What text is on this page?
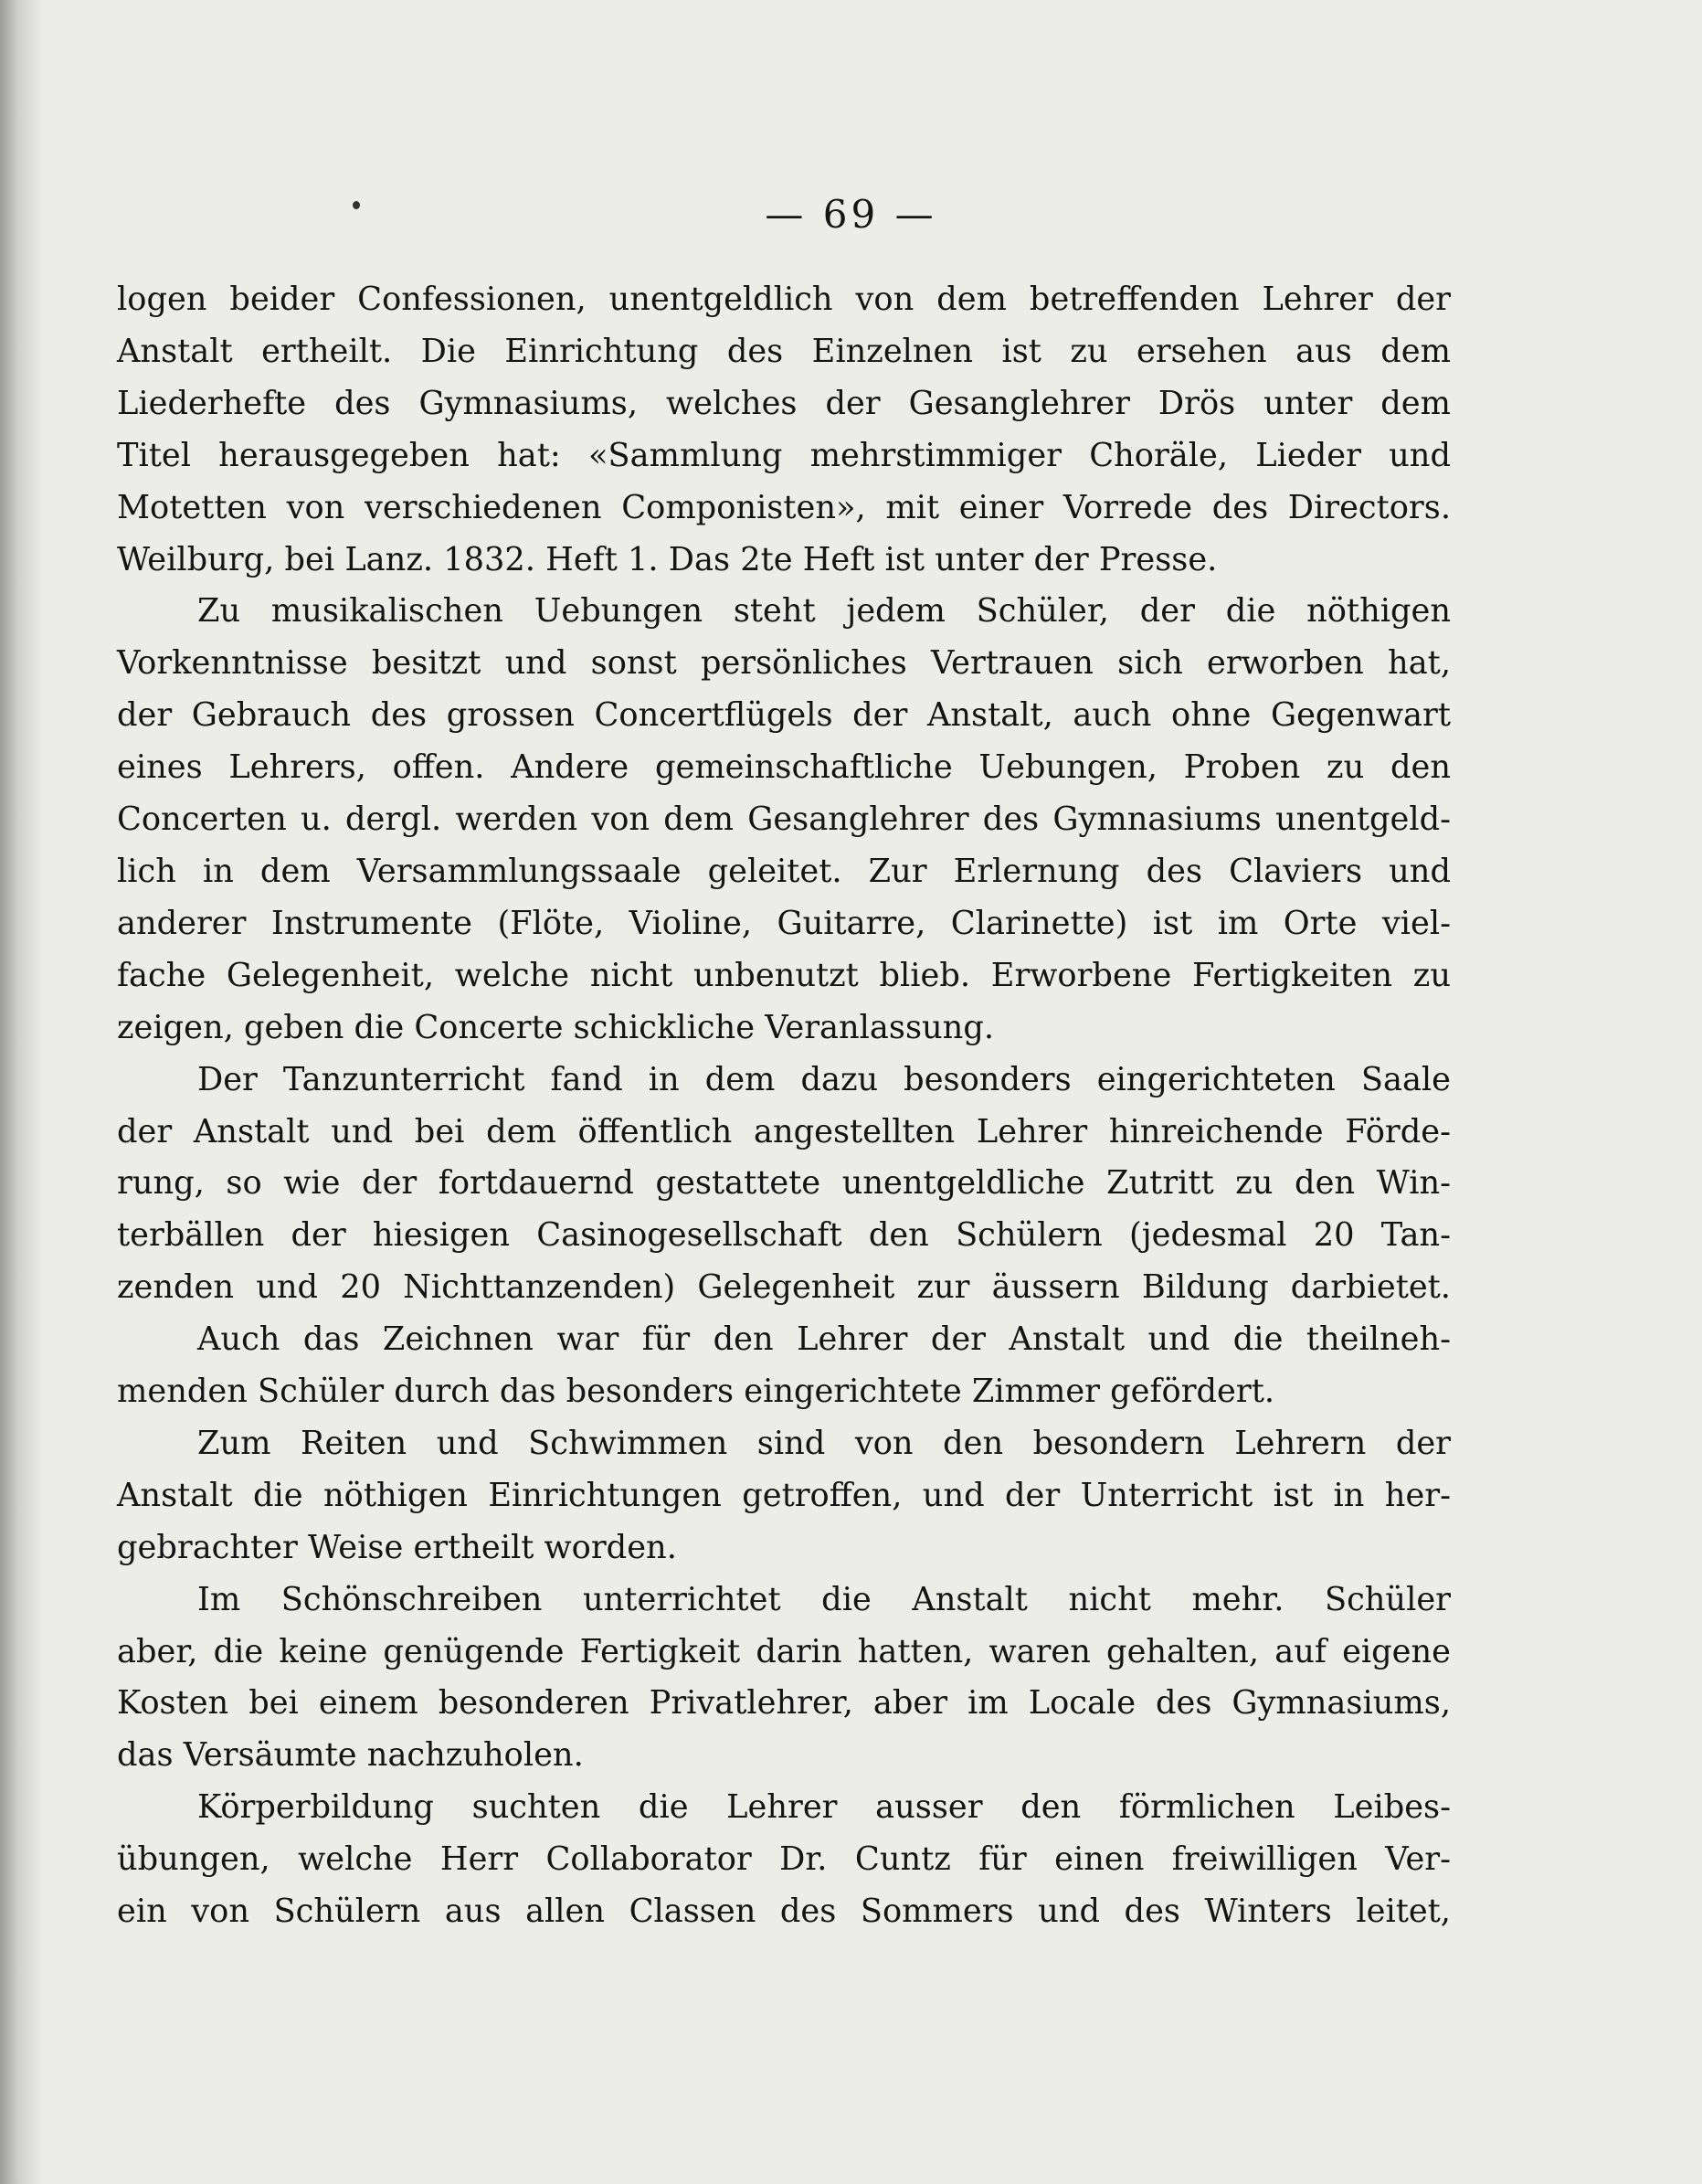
— 69 —

logen beider Confessionen, unentgeldlich von dem betreffenden Lehrer der

Anstalt ertheilt. Die Einrichtung des Einzelnen ist zu ersehen aus dem

Liederhefte des Gymnasiums, welches der Gesanglehrer Drös unter dem

Titel herausgegeben hat: «Sammlung mehrstimmiger Choräle, Lieder und

Motetten von verschiedenen Componisten», mit einer Vorrede des Directors.

Weilburg, bei Lanz. 1832. Heft 1. Das 2te Heft ist unter der Presse.

Zu musikalischen Uebungen steht jedem Schüler, der die nöthigen

Vorkenntnisse besitzt und sonst persönliches Vertrauen sich erworben hat,

der Gebrauch des grossen Concertflügels der Anstalt, auch ohne Gegenwart

eines Lehrers, offen. Andere gemeinschaftliche Uebungen, Proben zu den

Concerten u. dergl. werden von dem Gesanglehrer des Gymnasiums unentgeld-

lich in dem Versammlungssaale geleitet. Zur Erlernung des Claviers und

anderer Instrumente (Flöte, Violine, Guitarre, Clarinette) ist im Orte viel-

fache Gelegenheit, welche nicht unbenutzt blieb. Erworbene Fertigkeiten zu

zeigen, geben die Concerte schickliche Veranlassung.

Der Tanzunterricht fand in dem dazu besonders eingerichteten Saale

der Anstalt und bei dem öffentlich angestellten Lehrer hinreichende Förde-

rung, so wie der fortdauernd gestattete unentgeldliche Zutritt zu den Win-

terbällen der hiesigen Casinogesellschaft den Schülern (jedesmal 20 Tan-

zenden und 20 Nichttanzenden) Gelegenheit zur äussern Bildung darbietet.

Auch das Zeichnen war für den Lehrer der Anstalt und die theilneh-

menden Schüler durch das besonders eingerichtete Zimmer gefördert.

Zum Reiten und Schwimmen sind von den besondern Lehrern der

Anstalt die nöthigen Einrichtungen getroffen, und der Unterricht ist in her-

gebrachter Weise ertheilt worden.

Im Schönschreiben unterrichtet die Anstalt nicht mehr. Schüler

aber, die keine genügende Fertigkeit darin hatten, waren gehalten, auf eigene

Kosten bei einem besonderen Privatlehrer, aber im Locale des Gymnasiums,

das Versäumte nachzuholen.

Körperbildung suchten die Lehrer ausser den förmlichen Leibes-

übungen, welche Herr Collaborator Dr. Cuntz für einen freiwilligen Ver-

ein von Schülern aus allen Classen des Sommers und des Winters leitet,
